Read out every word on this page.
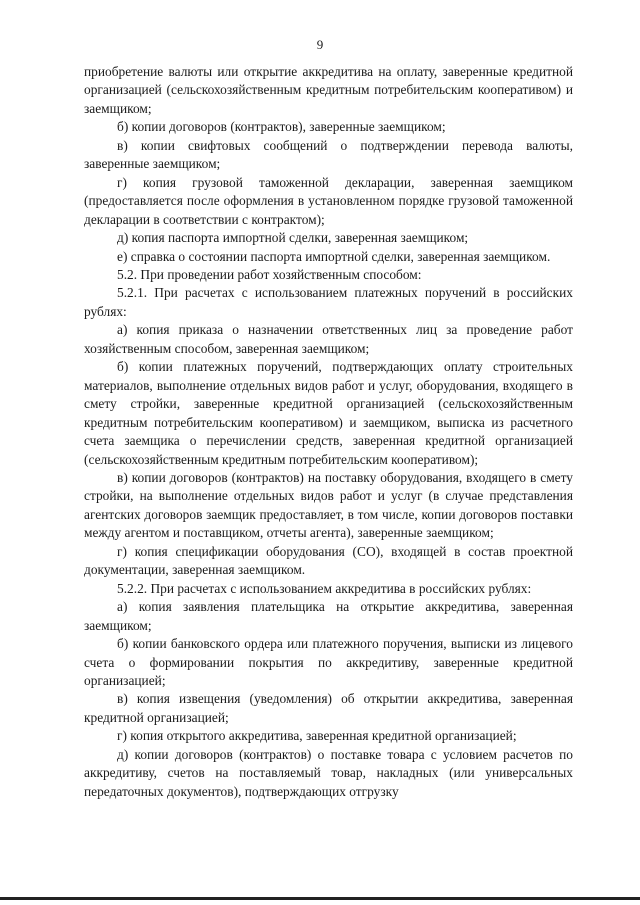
9

приобретение валюты или открытие аккредитива на оплату, заверенные кредитной организацией (сельскохозяйственным кредитным потребительским кооперативом) и заемщиком;

б) копии договоров (контрактов), заверенные заемщиком;

в) копии свифтовых сообщений о подтверждении перевода валюты, заверенные заемщиком;

г) копия грузовой таможенной декларации, заверенная заемщиком (предоставляется после оформления в установленном порядке грузовой таможенной декларации в соответствии с контрактом);

д) копия паспорта импортной сделки, заверенная заемщиком;

е) справка о состоянии паспорта импортной сделки, заверенная заемщиком.

5.2. При проведении работ хозяйственным способом:

5.2.1. При расчетах с использованием платежных поручений в российских рублях:

а) копия приказа о назначении ответственных лиц за проведение работ хозяйственным способом, заверенная заемщиком;

б) копии платежных поручений, подтверждающих оплату строительных материалов, выполнение отдельных видов работ и услуг, оборудования, входящего в смету стройки, заверенные кредитной организацией (сельскохозяйственным кредитным потребительским кооперативом) и заемщиком, выписка из расчетного счета заемщика о перечислении средств, заверенная кредитной организацией (сельскохозяйственным кредитным потребительским кооперативом);

в) копии договоров (контрактов) на поставку оборудования, входящего в смету стройки, на выполнение отдельных видов работ и услуг (в случае представления агентских договоров заемщик предоставляет, в том числе, копии договоров поставки между агентом и поставщиком, отчеты агента), заверенные заемщиком;

г) копия спецификации оборудования (СО), входящей в состав проектной документации, заверенная заемщиком.

5.2.2. При расчетах с использованием аккредитива в российских рублях:

а) копия заявления плательщика на открытие аккредитива, заверенная заемщиком;

б) копии банковского ордера или платежного поручения, выписки из лицевого счета о формировании покрытия по аккредитиву, заверенные кредитной организацией;

в) копия извещения (уведомления) об открытии аккредитива, заверенная кредитной организацией;

г) копия открытого аккредитива, заверенная кредитной организацией;

д) копии договоров (контрактов) о поставке товара с условием расчетов по аккредитиву, счетов на поставляемый товар, накладных (или универсальных передаточных документов), подтверждающих отгрузку
